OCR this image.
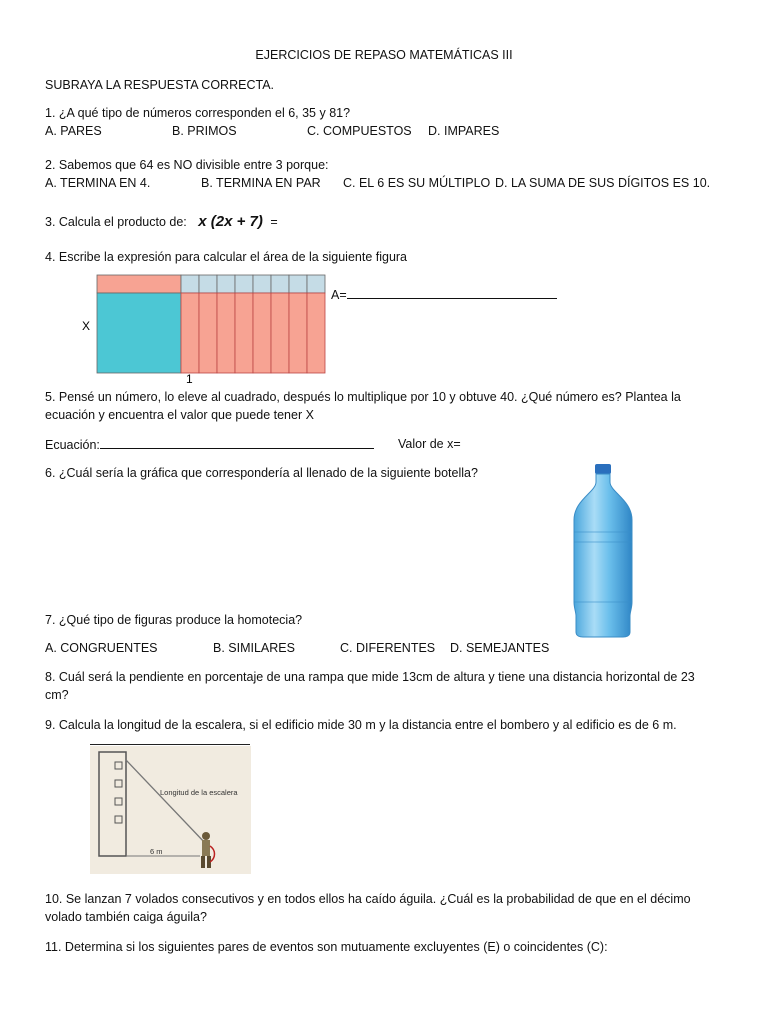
EJERCICIOS DE REPASO MATEMÁTICAS III
SUBRAYA LA RESPUESTA CORRECTA.
1. ¿A qué tipo de números corresponden el 6, 35 y 81?
A. PARES	B. PRIMOS	C. COMPUESTOS D. IMPARES
2. Sabemos que 64 es NO divisible entre 3 porque:
A. TERMINA EN 4.	B. TERMINA EN PAR C. EL 6 ES SU MÚLTIPLO D. LA SUMA DE SUS DÍGITOS ES 10.
3. Calcula el producto de: x (2x + 7) =
4. Escribe la expresión para calcular el área de la siguiente figura
X
1
A=
5. Pensé un número, lo eleve al cuadrado, después lo multiplique por 10 y obtuve 40. ¿Qué número es? Plantea la
ecuación y encuentra el valor que puede tener X
Ecuación:	Valor de x=
6. ¿Cuál sería la gráfica que correspondería al llenado de la siguiente botella?
7. ¿Qué tipo de figuras produce la homotecia?
A. CONGRUENTES	B. SIMILARES	C. DIFERENTES D. SEMEJANTES
8. Cuál será la pendiente en porcentaje de una rampa que mide 13cm de altura y tiene una distancia horizontal de 23
cm?
9. Calcula la longitud de la escalera, si el edificio mide 30 m y la distancia entre el bombero y al edificio es de 6 m.
Longitud de la escalera
6 m
10. Se lanzan 7 volados consecutivos y en todos ellos ha caído águila. ¿Cuál es la probabilidad de que en el décimo
volado también caiga águila?
11. Determina si los siguientes pares de eventos son mutuamente excluyentes (E) o coincidentes (C):
